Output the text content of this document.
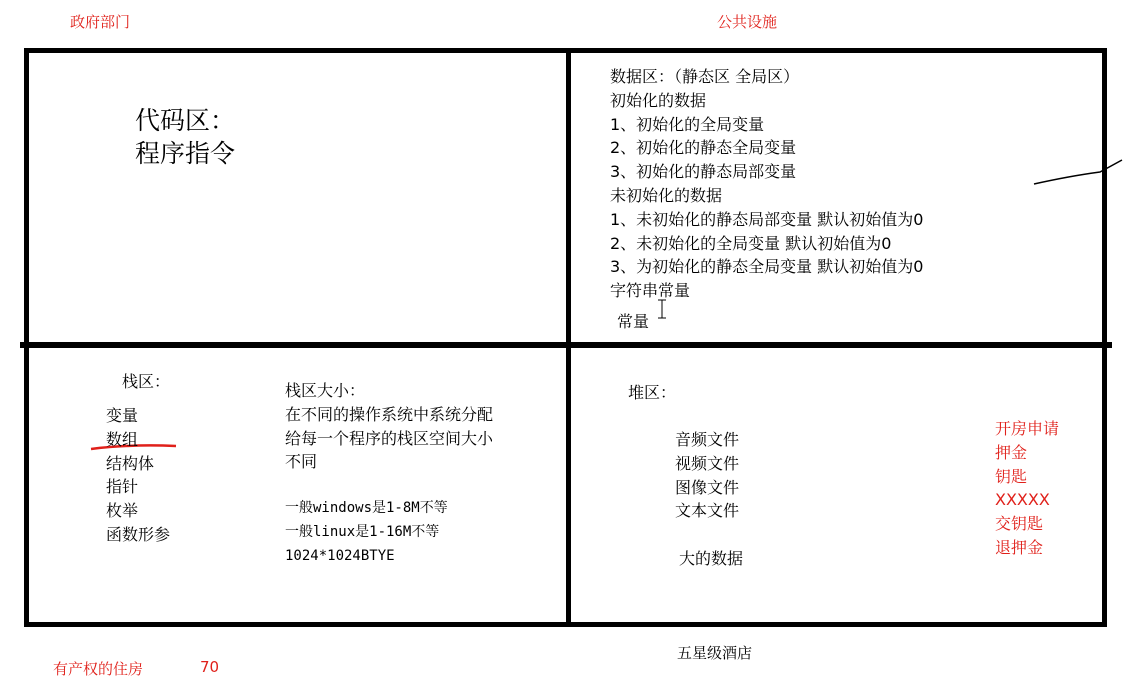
政府部门	公共设施
有产权的住房	70
五星级酒店
代码区：
程序指令
数据区：（静态区 全局区）
初始化的数据
1、初始化的全局变量
2、初始化的静态全局变量
3、初始化的静态局部变量
未初始化的数据
1、未初始化的静态局部变量 默认初始值为0
2、未初始化的全局变量 默认初始值为0
3、为初始化的静态全局变量 默认初始值为0
字符串常量
常量
栈区：
变量
数组
结构体
指针
枚举
函数形参
栈区大小：
在不同的操作系统中系统分配
给每一个程序的栈区空间大小
不同
一般windows是1-8M不等
一般linux是1-16M不等
1024*1024BTYE
堆区：
音频文件
视频文件
图像文件
文本文件
大的数据
开房申请
押金
钥匙
XXXXX
交钥匙
退押金
